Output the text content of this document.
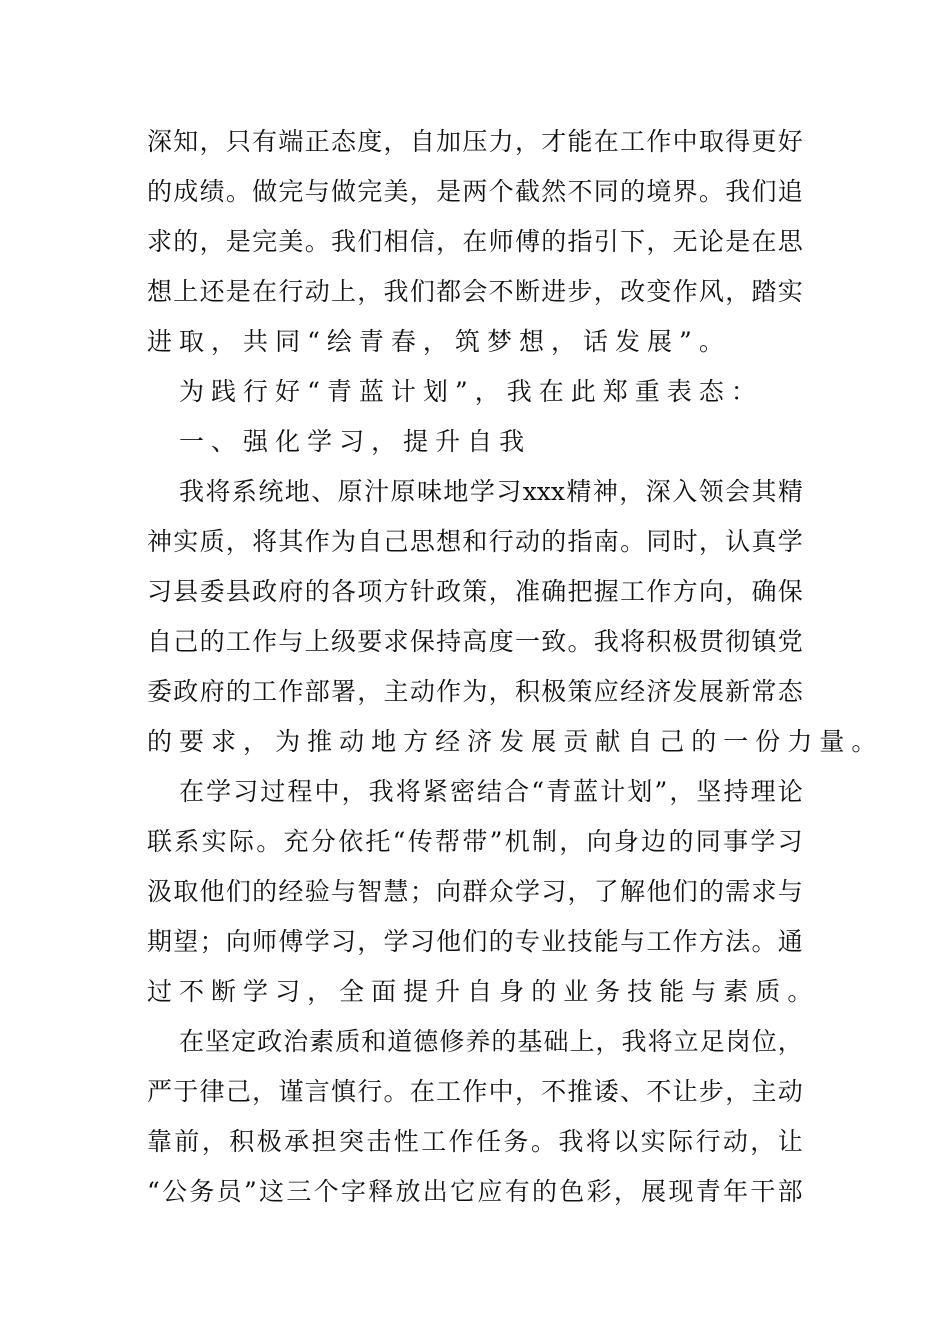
深 知 ， 只 有 端 正 态 度 ， 自 加 压 力 ， 才 能 在 工 作 中 取 得 更 好
的 成 绩 。 做 完 与 做 完 美 ， 是 两 个 截 然 不 同 的 境 界 。 我 们 追
求 的 ， 是 完 美 。 我 们 相 信 ， 在 师 傅 的 指 引 下 ， 无 论 是 在 思
想 上 还 是 在 行 动 上 ， 我 们 都 会 不 断 进 步 ， 改 变 作 风 ， 踏 实
进 取 ， 共 同 “ 绘 青 春 ， 筑 梦 想 ， 话 发 展 ” 。
为 践 行 好 “ 青 蓝 计 划 ” ， 我 在 此 郑 重 表 态 ：
一 、 强 化 学 习 ， 提 升 自 我
我 将 系 统 地 、 原 汁 原 味 地 学 习 xxx 精 神 ， 深 入 领 会 其 精
神 实 质 ， 将 其 作 为 自 己 思 想 和 行 动 的 指 南 。 同 时 ， 认 真 学
习 县 委 县 政 府 的 各 项 方 针 政 策 ， 准 确 把 握 工 作 方 向 ， 确 保
自 己 的 工 作 与 上 级 要 求 保 持 高 度 一 致 。 我 将 积 极 贯 彻 镇 党
委 政 府 的 工 作 部 署 ， 主 动 作 为 ， 积 极 策 应 经 济 发 展 新 常 态
的 要 求 ， 为 推 动 地 方 经 济 发 展 贡 献 自 己 的 一 份 力 量 。
在 学 习 过 程 中 ， 我 将 紧 密 结 合 “ 青 蓝 计 划 ” ， 坚 持 理 论
联 系 实 际 。 充 分 依 托 “ 传 帮 带 ” 机 制 ， 向 身 边 的 同 事 学 习
汲 取 他 们 的 经 验 与 智 慧 ； 向 群 众 学 习 ， 了 解 他 们 的 需 求 与
期 望 ； 向 师 傅 学 习 ， 学 习 他 们 的 专 业 技 能 与 工 作 方 法 。 通
过 不 断 学 习 ， 全 面 提 升 自 身 的 业 务 技 能 与 素 质 。
在 坚 定 政 治 素 质 和 道 德 修 养 的 基 础 上 ， 我 将 立 足 岗 位 ，
严 于 律 己 ， 谨 言 慎 行 。 在 工 作 中 ， 不 推 诿 、 不 让 步 ， 主 动
靠 前 ， 积 极 承 担 突 击 性 工 作 任 务 。 我 将 以 实 际 行 动 ， 让
“ 公 务 员 ” 这 三 个 字 释 放 出 它 应 有 的 色 彩 ， 展 现 青 年 干 部
